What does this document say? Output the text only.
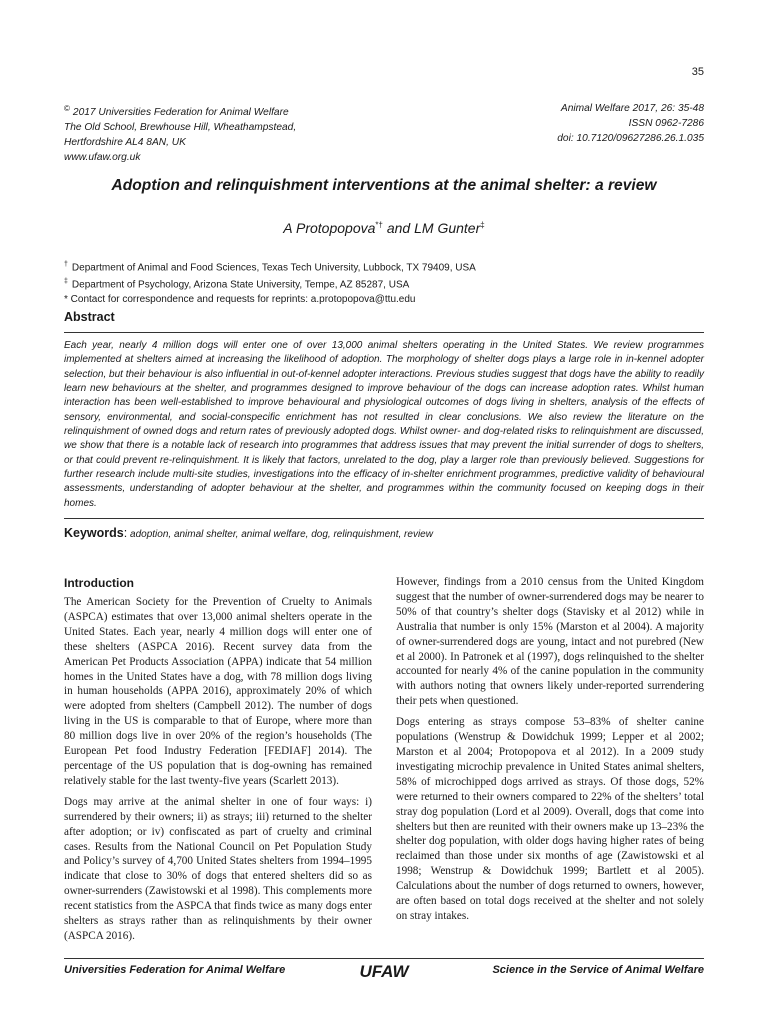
35
© 2017 Universities Federation for Animal Welfare
The Old School, Brewhouse Hill, Wheathampstead,
Hertfordshire AL4 8AN, UK
www.ufaw.org.uk
Animal Welfare 2017, 26: 35-48
ISSN 0962-7286
doi: 10.7120/09627286.26.1.035
Adoption and relinquishment interventions at the animal shelter: a review
A Protopopova*† and LM Gunter‡
† Department of Animal and Food Sciences, Texas Tech University, Lubbock, TX 79409, USA
‡ Department of Psychology, Arizona State University, Tempe, AZ 85287, USA
* Contact for correspondence and requests for reprints: a.protopopova@ttu.edu
Abstract
Each year, nearly 4 million dogs will enter one of over 13,000 animal shelters operating in the United States. We review programmes implemented at shelters aimed at increasing the likelihood of adoption. The morphology of shelter dogs plays a large role in in-kennel adopter selection, but their behaviour is also influential in out-of-kennel adopter interactions. Previous studies suggest that dogs have the ability to readily learn new behaviours at the shelter, and programmes designed to improve behaviour of the dogs can increase adoption rates. Whilst human interaction has been well-established to improve behavioural and physiological outcomes of dogs living in shelters, analysis of the effects of sensory, environmental, and social-conspecific enrichment has not resulted in clear conclusions. We also review the literature on the relinquishment of owned dogs and return rates of previously adopted dogs. Whilst owner- and dog-related risks to relinquishment are discussed, we show that there is a notable lack of research into programmes that address issues that may prevent the initial surrender of dogs to shelters, or that could prevent re-relinquishment. It is likely that factors, unrelated to the dog, play a larger role than previously believed. Suggestions for further research include multi-site studies, investigations into the efficacy of in-shelter enrichment programmes, predictive validity of behavioural assessments, understanding of adopter behaviour at the shelter, and programmes within the community focused on keeping dogs in their homes.
Keywords: adoption, animal shelter, animal welfare, dog, relinquishment, review
Introduction

The American Society for the Prevention of Cruelty to Animals (ASPCA) estimates that over 13,000 animal shelters operate in the United States. Each year, nearly 4 million dogs will enter one of these shelters (ASPCA 2016). Recent survey data from the American Pet Products Association (APPA) indicate that 54 million homes in the United States have a dog, with 78 million dogs living in human households (APPA 2016), approximately 20% of which were adopted from shelters (Campbell 2012). The number of dogs living in the US is comparable to that of Europe, where more than 80 million dogs live in over 20% of the region’s households (The European Pet food Industry Federation [FEDIAF] 2014). The percentage of the US population that is dog-owning has remained relatively stable for the last twenty-five years (Scarlett 2013).

Dogs may arrive at the animal shelter in one of four ways: i) surrendered by their owners; ii) as strays; iii) returned to the shelter after adoption; or iv) confiscated as part of cruelty and criminal cases. Results from the National Council on Pet Population Study and Policy’s survey of 4,700 United States shelters from 1994–1995 indicate that close to 30% of dogs that entered shelters did so as owner-surrenders (Zawistowski et al 1998). This complements more recent statistics from the ASPCA that finds twice as many dogs enter shelters as strays rather than as relinquishments by their owner (ASPCA 2016).

However, findings from a 2010 census from the United Kingdom suggest that the number of owner-surrendered dogs may be nearer to 50% of that country’s shelter dogs (Stavisky et al 2012) while in Australia that number is only 15% (Marston et al 2004). A majority of owner-surrendered dogs are young, intact and not purebred (New et al 2000). In Patronek et al (1997), dogs relinquished to the shelter accounted for nearly 4% of the canine population in the community with authors noting that owners likely under-reported surrendering their pets when questioned.

Dogs entering as strays compose 53–83% of shelter canine populations (Wenstrup & Dowidchuk 1999; Lepper et al 2002; Marston et al 2004; Protopopova et al 2012). In a 2009 study investigating microchip prevalence in United States animal shelters, 58% of microchipped dogs arrived as strays. Of those dogs, 52% were returned to their owners compared to 22% of the shelters’ total stray dog population (Lord et al 2009). Overall, dogs that come into shelters but then are reunited with their owners make up 13–23% the shelter dog population, with older dogs having higher rates of being reclaimed than those under six months of age (Zawistowski et al 1998; Wenstrup & Dowidchuk 1999; Bartlett et al 2005). Calculations about the number of dogs returned to owners, however, are often based on total dogs received at the shelter and not solely on stray intakes.

Universities Federation for Animal Welfare	UFAW	Science in the Service of Animal Welfare
